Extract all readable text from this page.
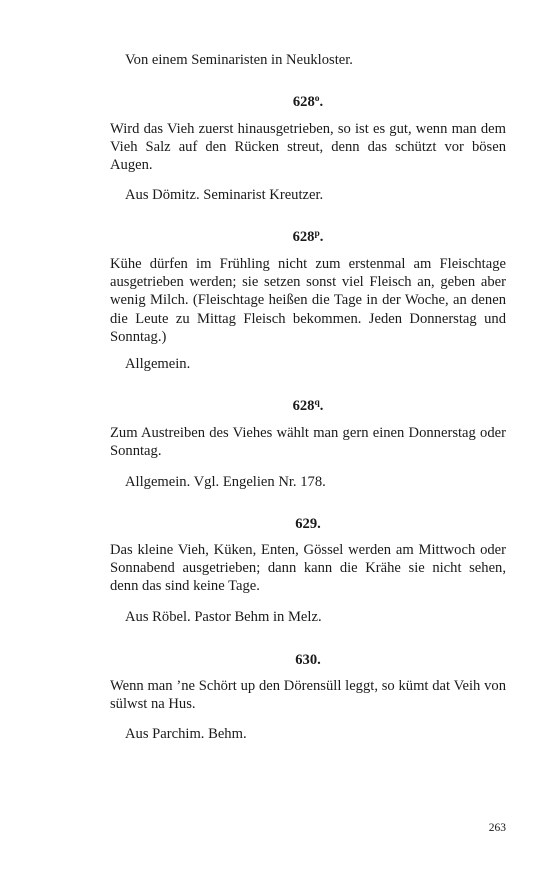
Von einem Seminaristen in Neukloster.

628$^o$.

Wird das Vieh zuerst hinausgetrieben, so ist es gut, wenn man dem Vieh Salz auf den Rücken streut, denn das schützt vor bösen Augen.

Aus Dömitz. Seminarist Kreutzer.

628$^p$.

Kühe dürfen im Frühling nicht zum erstenmal am Fleischtage ausgetrieben werden; sie setzen sonst viel Fleisch an, geben aber wenig Milch. (Fleischtage heißen die Tage in der Woche, an denen die Leute zu Mittag Fleisch bekommen. Jeden Donnerstag und Sonntag.)

Allgemein.

628$^q$.

Zum Austreiben des Viehes wählt man gern einen Donnerstag oder Sonntag.

Allgemein. Vgl. Engelien Nr. 178.

629.

Das kleine Vieh, Küken, Enten, Gössel werden am Mittwoch oder Sonnabend ausgetrieben; dann kann die Krähe sie nicht sehen, denn das sind keine Tage.

Aus Röbel. Pastor Behm in Melz.

630.

Wenn man ’ne Schört up den Dörensüll leggt, so kümt dat Veih von sülwst na Hus.

Aus Parchim. Behm.

263
